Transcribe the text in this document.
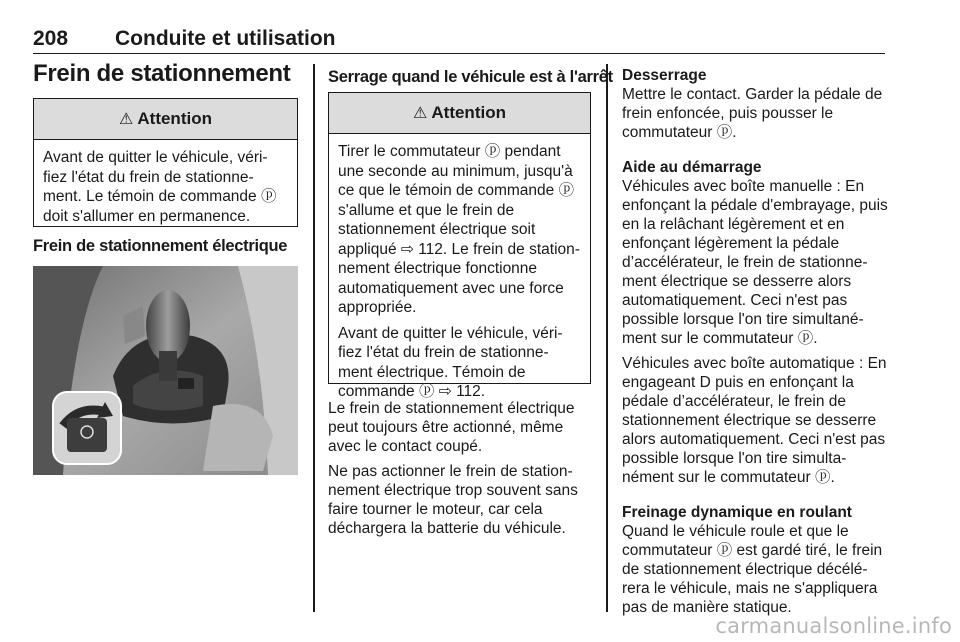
208 Conduite et utilisation
Frein de stationnement
⚠ Attention

Avant de quitter le véhicule, véri-fiez l'état du frein de stationne-ment. Le témoin de commande ⓟ doit s'allumer en permanence.

Frein de stationnement électrique
Serrage quand le véhicule est à l'arrêt
⚠ Attention

Tirer le commutateur ⓟ pendant une seconde au minimum, jusqu'à ce que le témoin de commande ⓟ s'allume et que le frein de stationnement électrique soit appliqué ⇨ 112. Le frein de station-nement électrique fonctionne automatiquement avec une force appropriée.

Avant de quitter le véhicule, véri-fiez l'état du frein de stationne-ment électrique. Témoin de commande ⓟ ⇨ 112.

Le frein de stationnement électrique peut toujours être actionné, même avec le contact coupé.

Ne pas actionner le frein de station-nement électrique trop souvent sans faire tourner le moteur, car cela déchargera la batterie du véhicule.

Desserrage

Mettre le contact. Garder la pédale de frein enfoncée, puis pousser le commutateur ⓟ.

Aide au démarrage

Véhicules avec boîte manuelle : En enfonçant la pédale d'embrayage, puis en la relâchant légèrement et en enfonçant légèrement la pédale d’accélérateur, le frein de stationne-ment électrique se desserre alors automatiquement. Ceci n'est pas possible lorsque l'on tire simultané-ment sur le commutateur ⓟ.

Véhicules avec boîte automatique : En engageant D puis en enfonçant la pédale d’accélérateur, le frein de stationnement électrique se desserre alors automatiquement. Ceci n'est pas possible lorsque l'on tire simulta-nément sur le commutateur ⓟ.

Freinage dynamique en roulant

Quand le véhicule roule et que le commutateur ⓟ est gardé tiré, le frein de stationnement électrique décélé-rera le véhicule, mais ne s'appliquera pas de manière statique.

carmanualsonline.info
